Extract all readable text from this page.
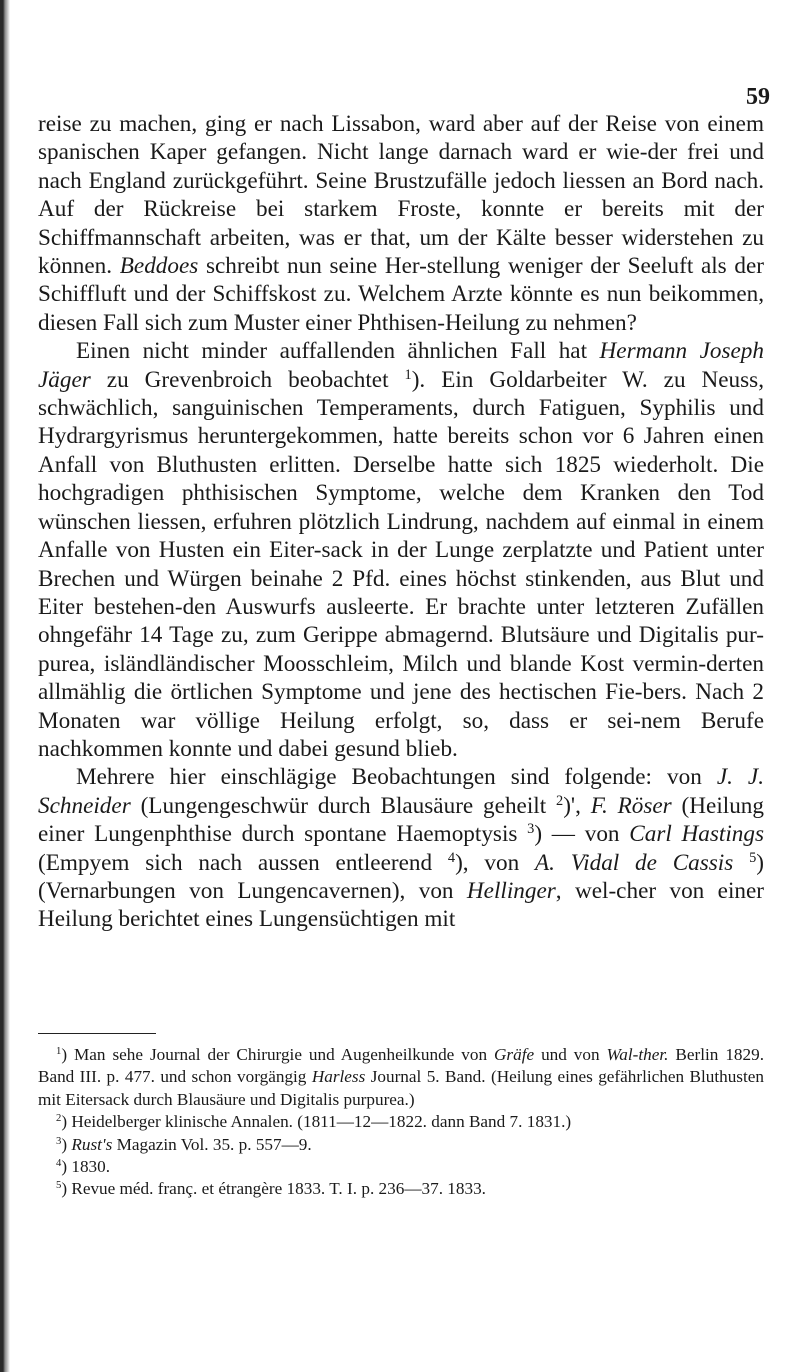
59

reise zu machen, ging er nach Lissabon, ward aber auf der Reise von einem spanischen Kaper gefangen. Nicht lange darnach ward er wie-der frei und nach England zurückgeführt. Seine Brustzufälle jedoch liessen an Bord nach. Auf der Rückreise bei starkem Froste, konnte er bereits mit der Schiffmannschaft arbeiten, was er that, um der Kälte besser widerstehen zu können. Beddoes schreibt nun seine Her-stellung weniger der Seeluft als der Schiffluft und der Schiffskost zu. Welchem Arzte könnte es nun beikommen, diesen Fall sich zum Muster einer Phthisen-Heilung zu nehmen?

Einen nicht minder auffallenden ähnlichen Fall hat Hermann Joseph Jäger zu Grevenbroich beobachtet $^1$). Ein Goldarbeiter W. zu Neuss, schwächlich, sanguinischen Temperaments, durch Fatiguen, Syphilis und Hydrargyrismus heruntergekommen, hatte bereits schon vor 6 Jahren einen Anfall von Bluthusten erlitten. Derselbe hatte sich 1825 wiederholt. Die hochgradigen phthisischen Symptome, welche dem Kranken den Tod wünschen liessen, erfuhren plötzlich Lindrung, nachdem auf einmal in einem Anfalle von Husten ein Eiter-sack in der Lunge zerplatzte und Patient unter Brechen und Würgen beinahe 2 Pfd. eines höchst stinkenden, aus Blut und Eiter bestehen-den Auswurfs ausleerte. Er brachte unter letzteren Zufällen ohngefähr 14 Tage zu, zum Gerippe abmagernd. Blutsäure und Digitalis pur-purea, isländländischer Moosschleim, Milch und blande Kost vermin-derten allmählig die örtlichen Symptome und jene des hectischen Fie-bers. Nach 2 Monaten war völlige Heilung erfolgt, so, dass er sei-nem Berufe nachkommen konnte und dabei gesund blieb.

Mehrere hier einschlägige Beobachtungen sind folgende: von J. J. Schneider (Lungengeschwür durch Blausäure geheilt $^2$)', F. Röser (Heilung einer Lungenphthise durch spontane Haemoptysis $^3$) — von Carl Hastings (Empyem sich nach aussen entleerend $^4$), von A. Vidal de Cassis $^5$) (Vernarbungen von Lungencavernen), von Hellinger, wel-cher von einer Heilung berichtet eines Lungensüchtigen mit

$^1$) Man sehe Journal der Chirurgie und Augenheilkunde von Gräfe und von Wal-ther. Berlin 1829. Band III. p. 477. und schon vorgängig Harless Journal 5. Band. (Heilung eines gefährlichen Bluthusten mit Eitersack durch Blausäure und Digitalis purpurea.)

$^2$) Heidelberger klinische Annalen. (1811—12—1822. dann Band 7. 1831.)

$^3$) Rust's Magazin Vol. 35. p. 557—9.

$^4$) 1830.

$^5$) Revue méd. franç. et étrangère 1833. T. I. p. 236—37. 1833.
